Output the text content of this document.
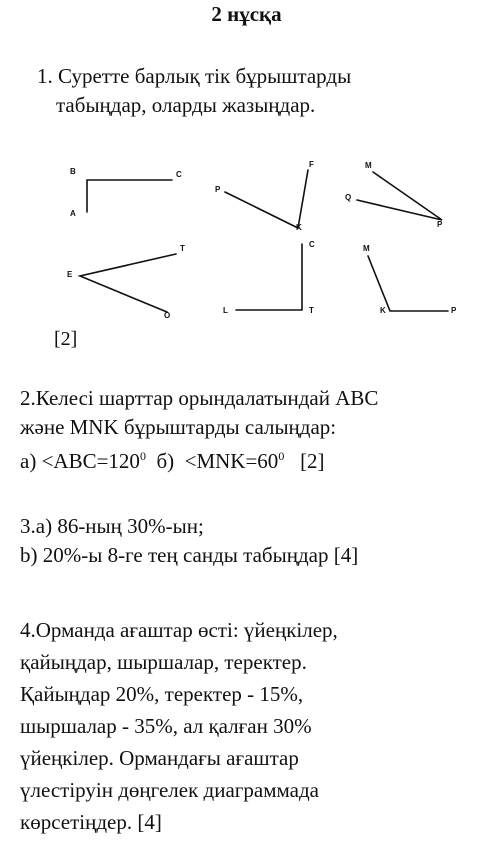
2 нұсқа
1. Суретте барлық тік бұрыштарды
табыңдар, оларды жазыңдар.
B	C
A
F
P
K
M
Q
P
T
E
O
C
L	T
M
K	P
[2]
2.Келесі шарттар орындалатындай ABC
және MNK бұрыштарды салыңдар:
$а) <ABC=120^0$  $б) <MNK=60^0$   [2]
3.а) 86-ның 30%-ын;
b) 20%-ы 8-ге тең санды табыңдар [4]
4.Орманда ағаштар өсті: үйеңкілер,
қайыңдар, шыршалар, теректер.
Қайыңдар 20%, теректер - 15%,
шыршалар - 35%, ал қалған 30%
үйеңкілер. Ормандағы ағаштар
үлестіруін дөңгелек диаграммада
көрсетіңдер. [4]
